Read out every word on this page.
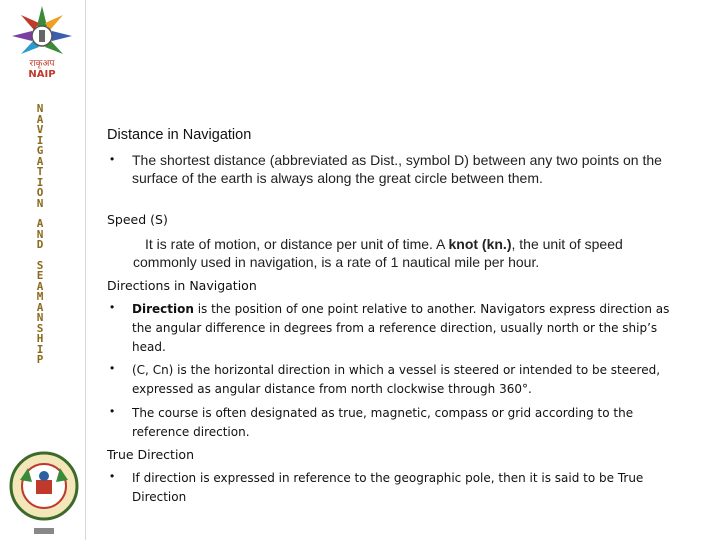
राकृअप
NAIP
N
A
V
I
G
A
T
I
O
N
A
N
D
S
E
A
M
A
N
S
H
I
P
Distance in Navigation
• The shortest distance (abbreviated as Dist., symbol D) between any two points on the surface of the earth is always along the great circle between them.
Speed (S)
It is rate of motion, or distance per unit of time. A knot (kn.), the unit of speed commonly used in navigation, is a rate of 1 nautical mile per hour.
Directions in Navigation
• Direction is the position of one point relative to another. Navigators express direction as the angular difference in degrees from a reference direction, usually north or the ship’s head.
• (C, Cn) is the horizontal direction in which a vessel is steered or intended to be steered, expressed as angular distance from north clockwise through 360°.
• The course is often designated as true, magnetic, compass or grid according to the reference direction.
True Direction
• If direction is expressed in reference to the geographic pole, then it is said to be True Direction
